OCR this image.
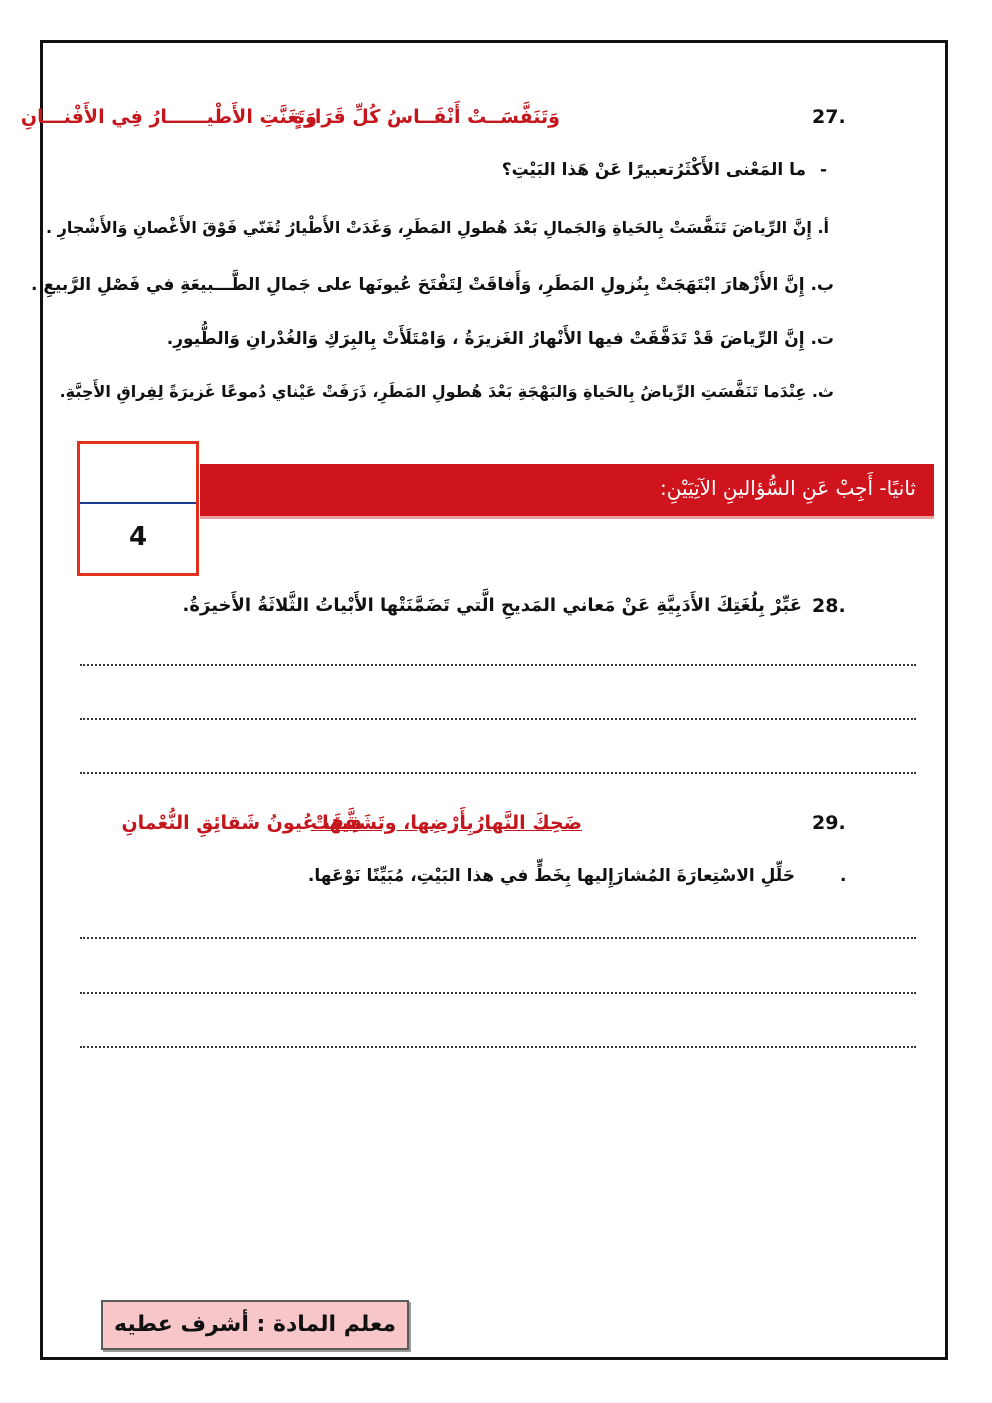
27.
وَتَنَفَّسَــتْ أَنْفَــاسُ كُلِّ قَرَارَةٍ
وَتَغَنَّتِ الأَطْيــــــارُ فِي الأَفْنـــانِ
-
ما المَعْنى الأَكْثَرُتعبيرًا عَنْ هَذا البَيْتِ؟
أ. إِنَّ الرِّياضَ تَنَفَّسَتْ بِالحَياةِ وَالجَمالِ بَعْدَ هُطولِ المَطَرِ، وَغَدَتْ الأَطْيارُ تُغَنّي فَوْقَ الأَغْصانِ وَالأَشْجارِ .
ب. إِنَّ الأَزْهارَ ابْتَهَجَتْ بِنُزولِ المَطَرِ، وَأَفاقَتْ لِتَفْتَحَ عُيونَها على جَمالِ الطَّـــبيعَةِ في فَصْلِ الرَّبيعِ .
ت. إِنَّ الرِّياضَ قَدْ تَدَفَّقَتْ فيها الأَنْهارُ الغَزيرَةُ ، وَامْتَلَأَتْ بِالبِرَكِ وَالغُدْرانِ وَالطُّيورِ.
ث. عِنْدَما تَنَفَّسَتِ الرِّياضُ بِالحَياةِ وَالبَهْجَةِ بَعْدَ هُطولِ المَطَرِ، ذَرَفَتْ عَيْناي دُموعًا غَزيرَةً لِفِراقِ الأَحِبَّةِ.
ثانيًا- أَجِبْ عَنِ السُّؤالينِ الآتِيَيْنِ:
4
28.
عَبِّرْ بِلُغَتِكَ الأَدَبِيَّةِ عَنْ مَعاني المَديحِ الَّتي تَضَمَّنَتْها الأَبْياتُ الثَّلاثَةُ الأَخيرَةُ.
29.
ضَحِكَ النَّهارُبِأَرْضِها، وتَشَقَّقَتْ
فِيهَا عُيونُ شَقائِقِ النُّعْمانِ
.
حَلِّلِ الاسْتِعارَةَ المُشارَإِليها بِخَطٍّ في هذا البَيْتِ، مُبَيِّنًا نَوْعَها.
معلم المادة : أشرف عطيه
